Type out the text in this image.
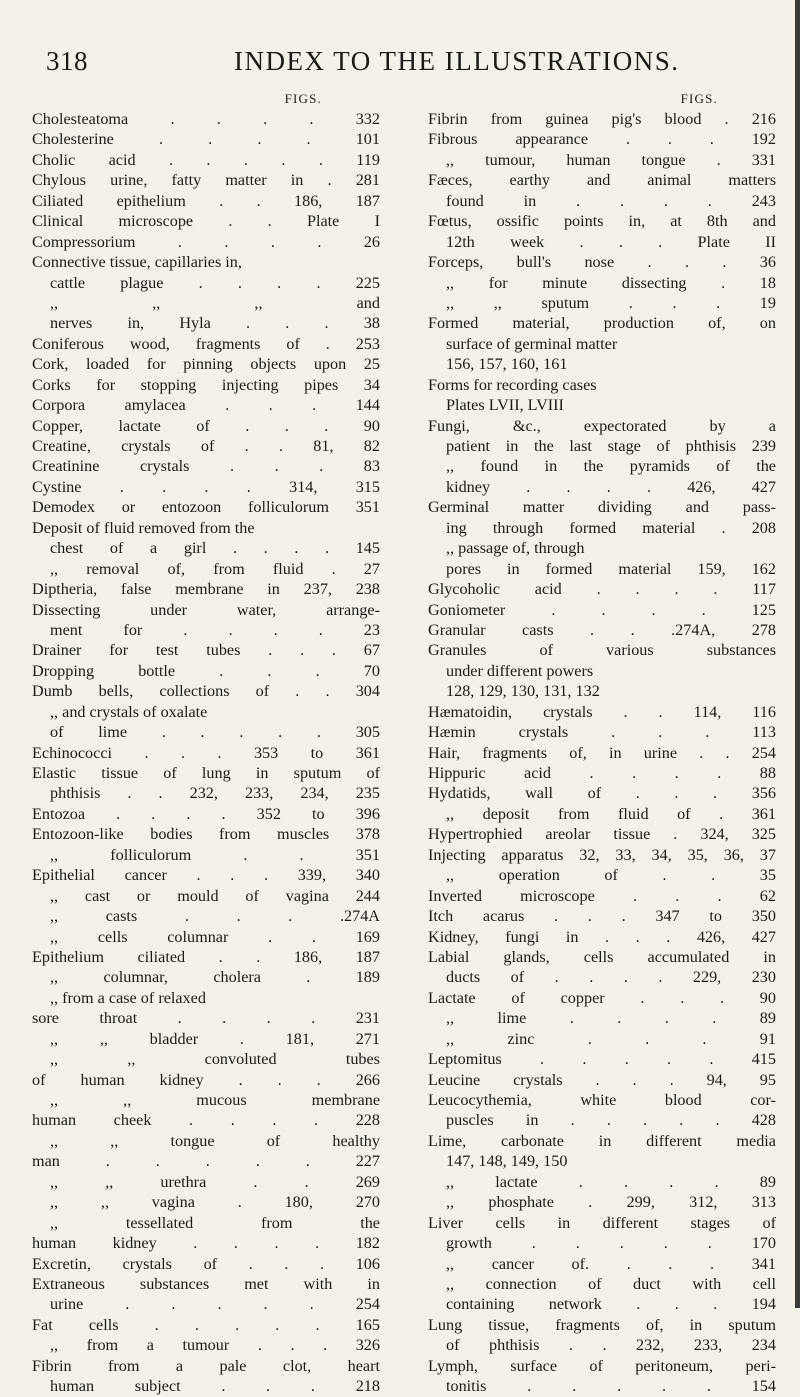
318	INDEX TO THE ILLUSTRATIONS.
FIGS.
Cholesteatoma . . . . 332
Cholesterine . . . . 101
Cholic acid . . . . . 119
Chylous urine, fatty matter in . 281
Ciliated epithelium . . 186, 187
Clinical microscope . . Plate I
Compressorium . . . . 26
Connective tissue, capillaries in,
cattle plague . . . . 225
,, ,, ,, and
nerves in, Hyla . . . 38
Coniferous wood, fragments of . 253
Cork, loaded for pinning objects upon 25
Corks for stopping injecting pipes 34
Corpora amylacea . . . 144
Copper, lactate of . . . 90
Creatine, crystals of . . 81, 82
Creatinine crystals . . . 83
Cystine . . . . 314, 315
Demodex or entozoon folliculorum 351
Deposit of fluid removed from the
chest of a girl . . . . 145
,, removal of, from fluid . 27
Diptheria, false membrane in 237, 238
Dissecting under water, arrange-
ment for . . . . 23
Drainer for test tubes . . . 67
Dropping bottle . . . 70
Dumb bells, collections of . . 304
,, and crystals of oxalate
of lime . . . . . 305
Echinococci . . . 353 to 361
Elastic tissue of lung in sputum of
phthisis . . 232, 233, 234, 235
Entozoa . . . . 352 to 396
Entozoon-like bodies from muscles 378
,, folliculorum . . 351
Epithelial cancer . . . 339, 340
,, cast or mould of vagina 244
,, casts . . . .274A
,, cells columnar . . 169
Epithelium ciliated . . 186, 187
,, columnar, cholera . 189
,, from a case of relaxed
sore throat . . . . 231
,, ,, bladder . 181, 271
,, ,, convoluted tubes
of human kidney . . . 266
,, ,, mucous membrane
human cheek . . . . 228
,, ,, tongue of healthy
man . . . . . 227
,, ,, urethra . . 269
,, ,, vagina . 180, 270
,, tessellated from the
human kidney . . . . 182
Excretin, crystals of . . . 106
Extraneous substances met with in
urine . . . . . 254
Fat cells . . . . . 165
,, from a tumour . . . 326
Fibrin from a pale clot, heart
human subject . . . 218
FIGS.
Fibrin from guinea pig's blood . 216
Fibrous appearance . . . 192
,, tumour, human tongue . 331
Fæces, earthy and animal matters
found in . . . . 243
Fœtus, ossific points in, at 8th and
12th week . . . Plate II
Forceps, bull's nose . . . 36
,, for minute dissecting . 18
,, ,, sputum . . . 19
Formed material, production of, on
surface of germinal matter
156, 157, 160, 161
Forms for recording cases
Plates LVII, LVIII
Fungi, &c., expectorated by a
patient in the last stage of phthisis 239
,, found in the pyramids of the
kidney . . . . 426, 427
Germinal matter dividing and pass-
ing through formed material . 208
,, passage of, through
pores in formed material 159, 162
Glycoholic acid . . . . 117
Goniometer . . . . 125
Granular casts . . .274A, 278
Granules of various substances
under different powers
128, 129, 130, 131, 132
Hæmatoidin, crystals . . 114, 116
Hæmin crystals . . . 113
Hair, fragments of, in urine . . 254
Hippuric acid . . . . 88
Hydatids, wall of . . . 356
,, deposit from fluid of . 361
Hypertrophied areolar tissue . 324, 325
Injecting apparatus 32, 33, 34, 35, 36, 37
,, operation of . . 35
Inverted microscope . . . 62
Itch acarus . . . 347 to 350
Kidney, fungi in . . . 426, 427
Labial glands, cells accumulated in
ducts of . . . . 229, 230
Lactate of copper . . . 90
,, lime . . . . 89
,, zinc . . . 91
Leptomitus . . . . . 415
Leucine crystals . . . 94, 95
Leucocythemia, white blood cor-
puscles in . . . . . 428
Lime, carbonate in different media
147, 148, 149, 150
,, lactate . . . . 89
,, phosphate . 299, 312, 313
Liver cells in different stages of
growth . . . . . 170
,, cancer of. . . . 341
,, connection of duct with cell
containing network . . . 194
Lung tissue, fragments of, in sputum
of phthisis . . 232, 233, 234
Lymph, surface of peritoneum, peri-
tonitis . . . . . 154
